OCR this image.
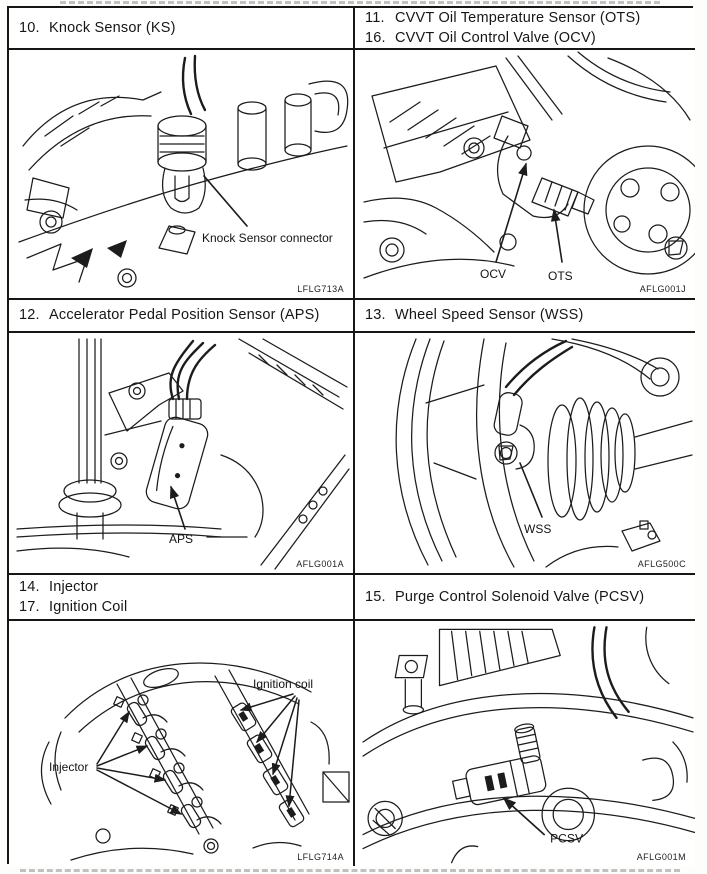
10. Knock Sensor (KS)
11. CVVT Oil Temperature Sensor (OTS)
16. CVVT Oil Control Valve (OCV)
Knock Sensor connector
LFLG713A
OCV	OTS
AFLG001J
12. Accelerator Pedal Position Sensor (APS)	13. Wheel Speed Sensor (WSS)
APS
AFLG001A
WSS
AFLG500C
14. Injector
17. Ignition Coil
15. Purge Control Solenoid Valve (PCSV)
Injector
Ignition coil
LFLG714A
PCSV
AFLG001M
